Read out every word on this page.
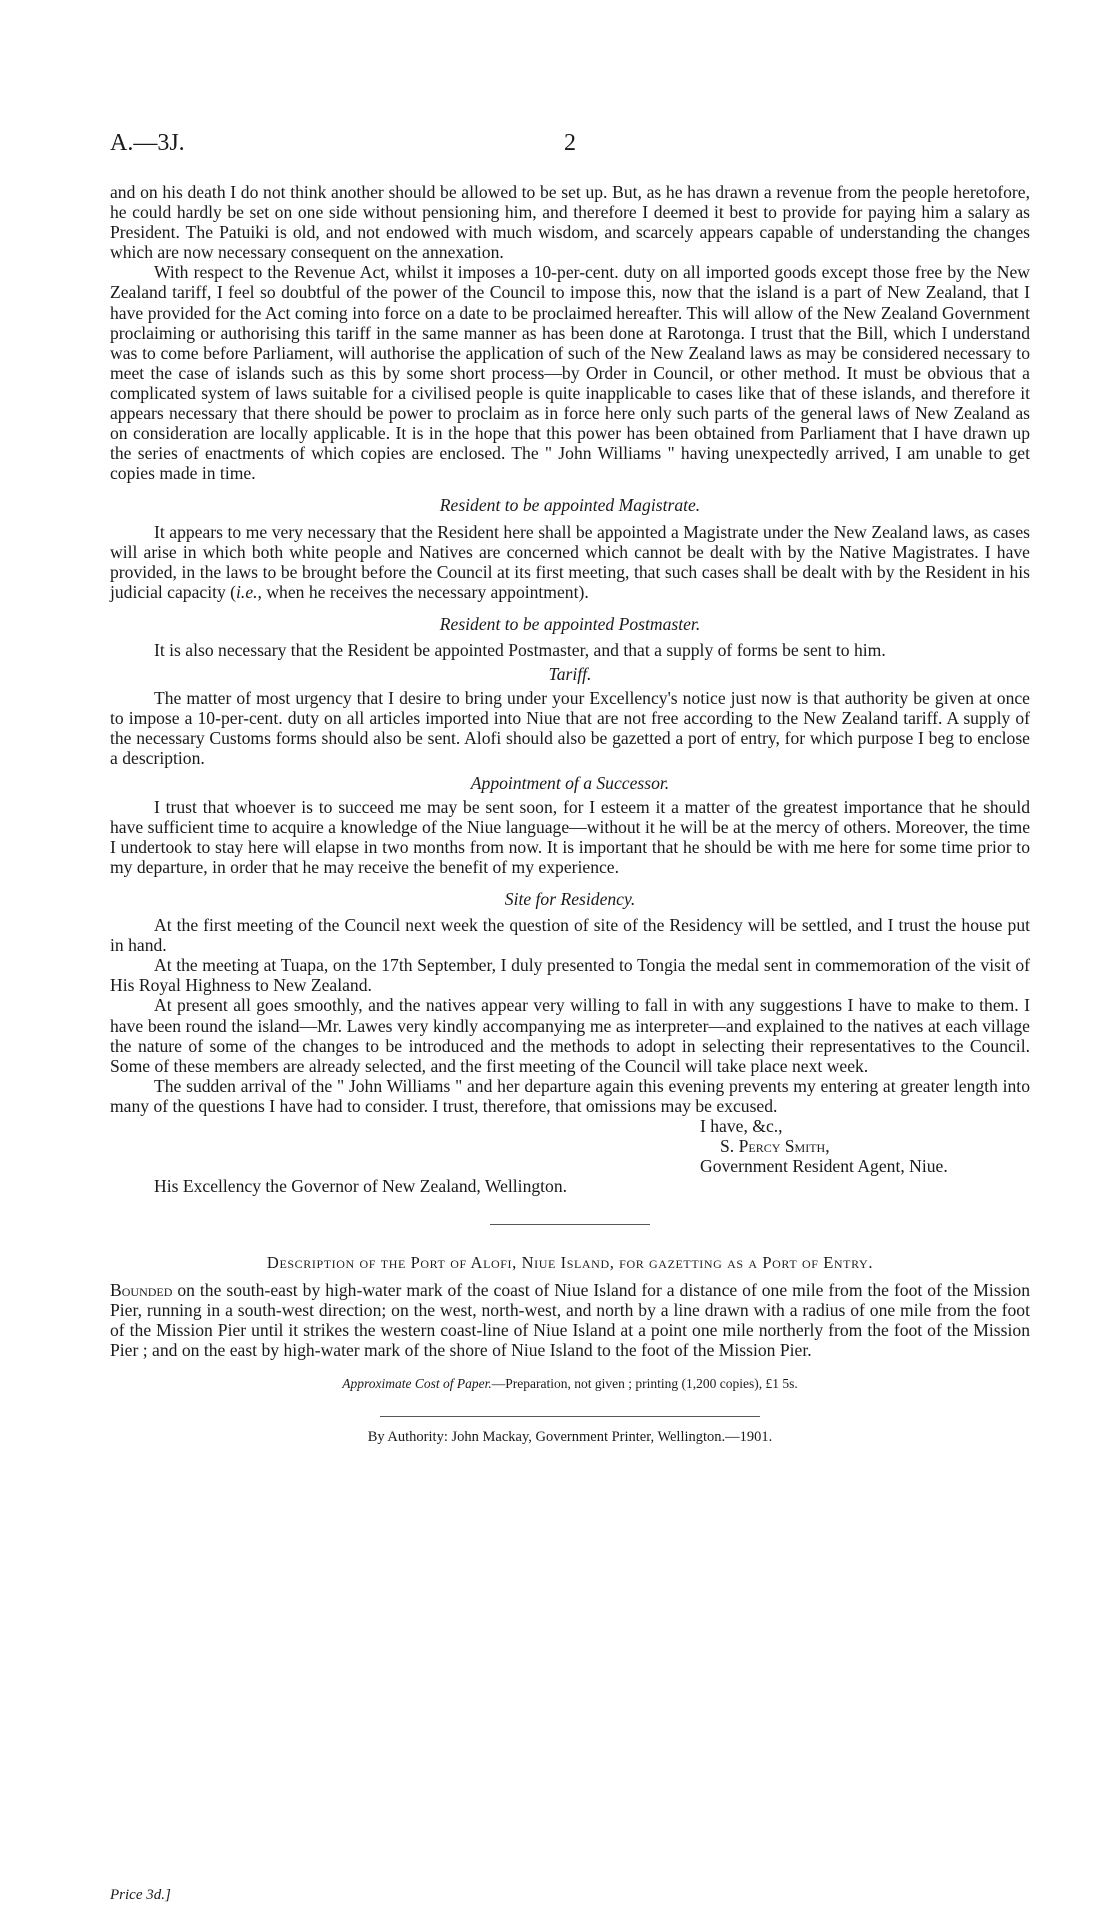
A.—3J.	2

and on his death I do not think another should be allowed to be set up. But, as he has drawn a revenue from the people heretofore, he could hardly be set on one side without pensioning him, and therefore I deemed it best to provide for paying him a salary as President. The Patuiki is old, and not endowed with much wisdom, and scarcely appears capable of understanding the changes which are now necessary consequent on the annexation.

With respect to the Revenue Act, whilst it imposes a 10-per-cent. duty on all imported goods except those free by the New Zealand tariff, I feel so doubtful of the power of the Council to impose this, now that the island is a part of New Zealand, that I have provided for the Act coming into force on a date to be proclaimed hereafter. This will allow of the New Zealand Government proclaiming or authorising this tariff in the same manner as has been done at Rarotonga. I trust that the Bill, which I understand was to come before Parliament, will authorise the application of such of the New Zealand laws as may be considered necessary to meet the case of islands such as this by some short process—by Order in Council, or other method. It must be obvious that a complicated system of laws suitable for a civilised people is quite inapplicable to cases like that of these islands, and therefore it appears necessary that there should be power to proclaim as in force here only such parts of the general laws of New Zealand as on consideration are locally applicable. It is in the hope that this power has been obtained from Parliament that I have drawn up the series of enactments of which copies are enclosed. The " John Williams " having unexpectedly arrived, I am unable to get copies made in time.

Resident to be appointed Magistrate.

It appears to me very necessary that the Resident here shall be appointed a Magistrate under the New Zealand laws, as cases will arise in which both white people and Natives are concerned which cannot be dealt with by the Native Magistrates. I have provided, in the laws to be brought before the Council at its first meeting, that such cases shall be dealt with by the Resident in his judicial capacity (i.e., when he receives the necessary appointment).

Resident to be appointed Postmaster.

It is also necessary that the Resident be appointed Postmaster, and that a supply of forms be sent to him.

Tariff.

The matter of most urgency that I desire to bring under your Excellency's notice just now is that authority be given at once to impose a 10-per-cent. duty on all articles imported into Niue that are not free according to the New Zealand tariff. A supply of the necessary Customs forms should also be sent. Alofi should also be gazetted a port of entry, for which purpose I beg to enclose a description.

Appointment of a Successor.

I trust that whoever is to succeed me may be sent soon, for I esteem it a matter of the greatest importance that he should have sufficient time to acquire a knowledge of the Niue language—without it he will be at the mercy of others. Moreover, the time I undertook to stay here will elapse in two months from now. It is important that he should be with me here for some time prior to my departure, in order that he may receive the benefit of my experience.

Site for Residency.

At the first meeting of the Council next week the question of site of the Residency will be settled, and I trust the house put in hand.

At the meeting at Tuapa, on the 17th September, I duly presented to Tongia the medal sent in commemoration of the visit of His Royal Highness to New Zealand.

At present all goes smoothly, and the natives appear very willing to fall in with any suggestions I have to make to them. I have been round the island—Mr. Lawes very kindly accompanying me as interpreter—and explained to the natives at each village the nature of some of the changes to be introduced and the methods to adopt in selecting their representatives to the Council. Some of these members are already selected, and the first meeting of the Council will take place next week.

The sudden arrival of the " John Williams " and her departure again this evening prevents my entering at greater length into many of the questions I have had to consider. I trust, therefore, that omissions may be excused.

I have, &c.,
S. Percy Smith,
Government Resident Agent, Niue.
His Excellency the Governor of New Zealand, Wellington.
Description of the Port of Alofi, Niue Island, for gazetting as a Port of Entry.

Bounded on the south-east by high-water mark of the coast of Niue Island for a distance of one mile from the foot of the Mission Pier, running in a south-west direction; on the west, north-west, and north by a line drawn with a radius of one mile from the foot of the Mission Pier until it strikes the western coast-line of Niue Island at a point one mile northerly from the foot of the Mission Pier ; and on the east by high-water mark of the shore of Niue Island to the foot of the Mission Pier.

Approximate Cost of Paper.—Preparation, not given ; printing (1,200 copies), £1 5s.
By Authority: John Mackay, Government Printer, Wellington.—1901.
Price 3d.]
